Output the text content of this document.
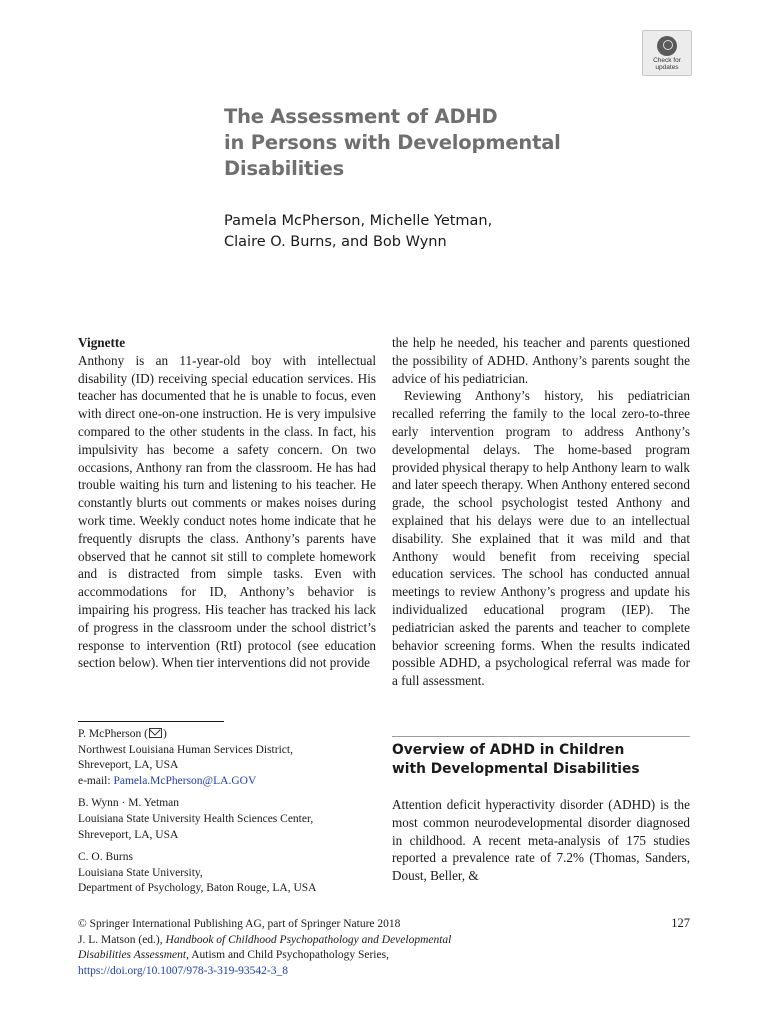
Check for
updates
The Assessment of ADHD
in Persons with Developmental
Disabilities
Pamela McPherson, Michelle Yetman,
Claire O. Burns, and Bob Wynn

Vignette

Anthony is an 11-year-old boy with intellectual disability (ID) receiving special education services. His teacher has documented that he is unable to focus, even with direct one-on-one instruction. He is very impulsive compared to the other students in the class. In fact, his impulsivity has become a safety concern. On two occasions, Anthony ran from the classroom. He has had trouble waiting his turn and listening to his teacher. He constantly blurts out comments or makes noises during work time. Weekly conduct notes home indicate that he frequently disrupts the class. Anthony’s parents have observed that he cannot sit still to complete homework and is distracted from simple tasks. Even with accommodations for ID, Anthony’s behavior is impairing his progress. His teacher has tracked his lack of progress in the classroom under the school district’s response to intervention (RtI) protocol (see education section below). When tier interventions did not provide

the help he needed, his teacher and parents questioned the possibility of ADHD. Anthony’s parents sought the advice of his pediatrician.

Reviewing Anthony’s history, his pediatrician recalled referring the family to the local zero-to-three early intervention program to address Anthony’s developmental delays. The home-based program provided physical therapy to help Anthony learn to walk and later speech therapy. When Anthony entered second grade, the school psychologist tested Anthony and explained that his delays were due to an intellectual disability. She explained that it was mild and that Anthony would benefit from receiving special education services. The school has conducted annual meetings to review Anthony’s progress and update his individualized educational program (IEP). The pediatrician asked the parents and teacher to complete behavior screening forms. When the results indicated possible ADHD, a psychological referral was made for a full assessment.

P. McPherson ( )
Northwest Louisiana Human Services District,
Shreveport, LA, USA
e-mail: Pamela.McPherson@LA.GOV

B. Wynn · M. Yetman
Louisiana State University Health Sciences Center,
Shreveport, LA, USA

C. O. Burns
Louisiana State University,
Department of Psychology, Baton Rouge, LA, USA

Overview of ADHD in Children
with Developmental Disabilities

Attention deficit hyperactivity disorder (ADHD) is the most common neurodevelopmental disorder diagnosed in childhood. A recent meta-analysis of 175 studies reported a prevalence rate of 7.2% (Thomas, Sanders, Doust, Beller, &

© Springer International Publishing AG, part of Springer Nature 2018

J. L. Matson (ed.), Handbook of Childhood Psychopathology and Developmental

Disabilities Assessment, Autism and Child Psychopathology Series,

https://doi.org/10.1007/978-3-319-93542-3_8

127
